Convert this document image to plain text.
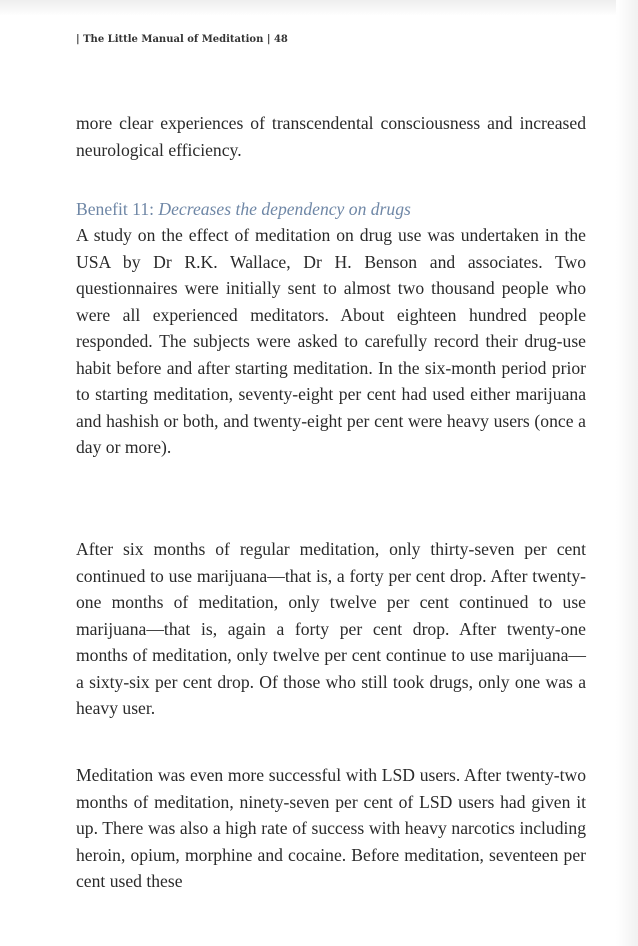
| The Little Manual of Meditation | 48

more clear experiences of transcendental consciousness and increased neurological efficiency.

Benefit 11: Decreases the dependency on drugs

A study on the effect of meditation on drug use was undertaken in the USA by Dr R.K. Wallace, Dr H. Benson and associates. Two questionnaires were initially sent to almost two thousand people who were all experienced meditators. About eighteen hundred people responded. The subjects were asked to carefully record their drug-use habit before and after starting meditation. In the six-month period prior to starting meditation, seventy-eight per cent had used either marijuana and hashish or both, and twenty-eight per cent were heavy users (once a day or more).

After six months of regular meditation, only thirty-seven per cent continued to use marijuana—that is, a forty per cent drop. After twenty-one months of meditation, only twelve per cent continued to use marijuana—that is, again a forty per cent drop. After twenty-one months of meditation, only twelve per cent continue to use marijuana—a sixty-six per cent drop. Of those who still took drugs, only one was a heavy user.

Meditation was even more successful with LSD users. After twenty-two months of meditation, ninety-seven per cent of LSD users had given it up. There was also a high rate of success with heavy narcotics including heroin, opium, morphine and cocaine. Before meditation, seventeen per cent used these
